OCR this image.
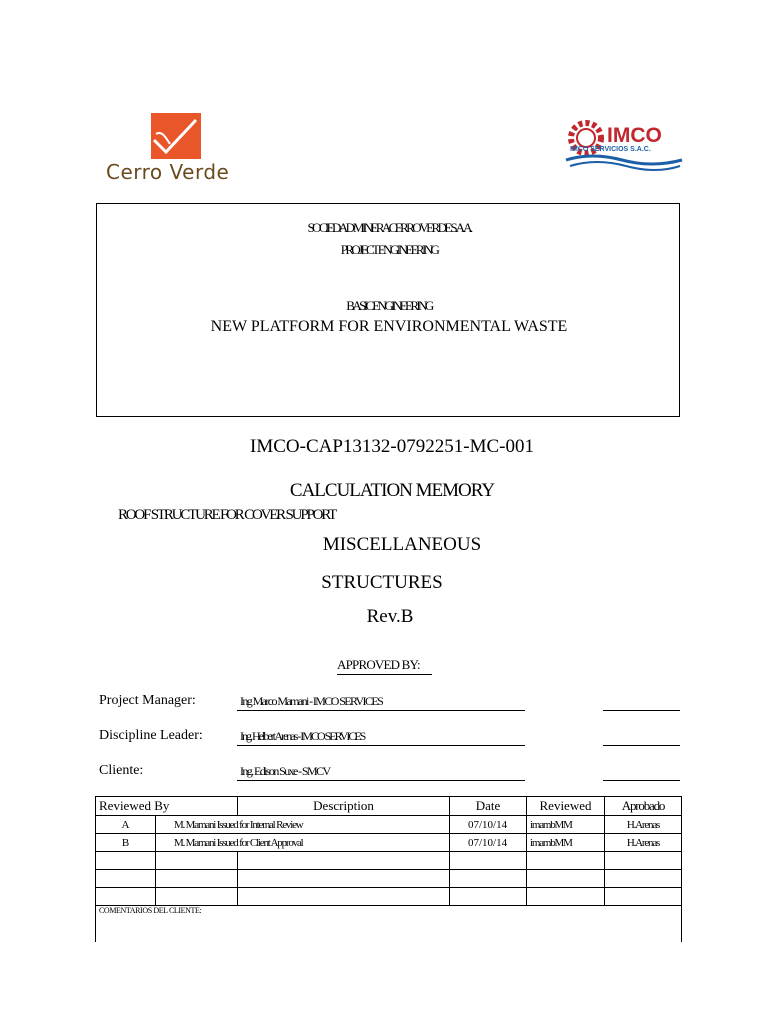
Cerro Verde
IMCO
IMCO SERVICIOS S.A.C.
SOCIEDAD MINERA CERRO VERDE S.A.A.
PROJECT ENGINEERING
BASIC ENGINEERING
NEW PLATFORM FOR ENVIRONMENTAL WASTE
IMCO-CAP13132-0792251-MC-001
CALCULATION MEMORY
ROOF STRUCTURE FOR COVER SUPPORT
MISCELLANEOUS
STRUCTURES
Rev.B
APPROVED BY:
Project Manager:	Ing Marco Mamani - IMCO SERVICES
Discipline Leader:	Ing. Helbert Arenas - IMCO SERVICES
Cliente:	Ing. Edison Suxe - SMCV
Reviewed By		Description	Date	Reviewed	Aprobado
A	M. Mamani Issued for Internal Review		07/10/14	imambMM	H.Arenas
B	M. Mamani Issued for Client Approval		07/10/14	imambMM	H.Arenas

COMENTARIOS DEL CLIENTE:					
